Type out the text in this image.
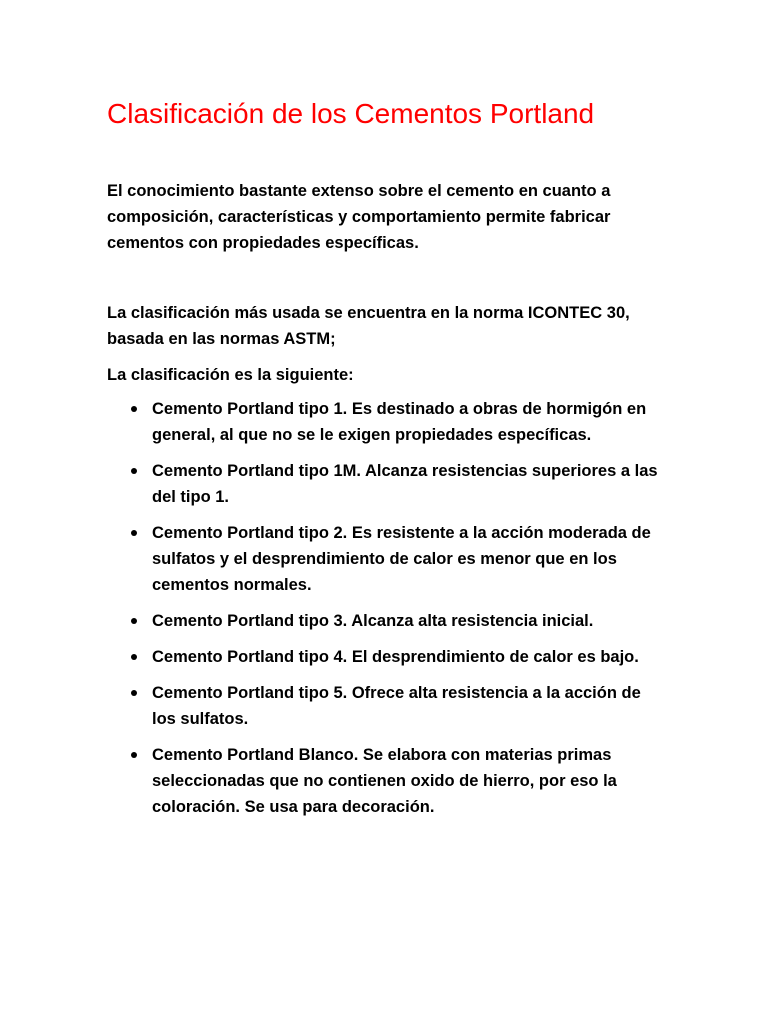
Clasificación de los Cementos Portland

El conocimiento bastante extenso sobre el cemento en cuanto a composición, características y comportamiento permite fabricar cementos con propiedades específicas.

La clasificación más usada se encuentra en la norma ICONTEC 30, basada en las normas ASTM;

La clasificación es la siguiente:

Cemento Portland tipo 1. Es destinado a obras de hormigón en general, al que no se le exigen propiedades específicas.
Cemento Portland tipo 1M. Alcanza resistencias superiores a las del tipo 1.
Cemento Portland tipo 2. Es resistente a la acción moderada de sulfatos y el desprendimiento de calor es menor que en los cementos normales.
Cemento Portland tipo 3. Alcanza alta resistencia inicial.
Cemento Portland tipo 4. El desprendimiento de calor es bajo.
Cemento Portland tipo 5. Ofrece alta resistencia a la acción de los sulfatos.
Cemento Portland Blanco. Se elabora con materias primas seleccionadas que no contienen oxido de hierro, por eso la coloración. Se usa para decoración.
